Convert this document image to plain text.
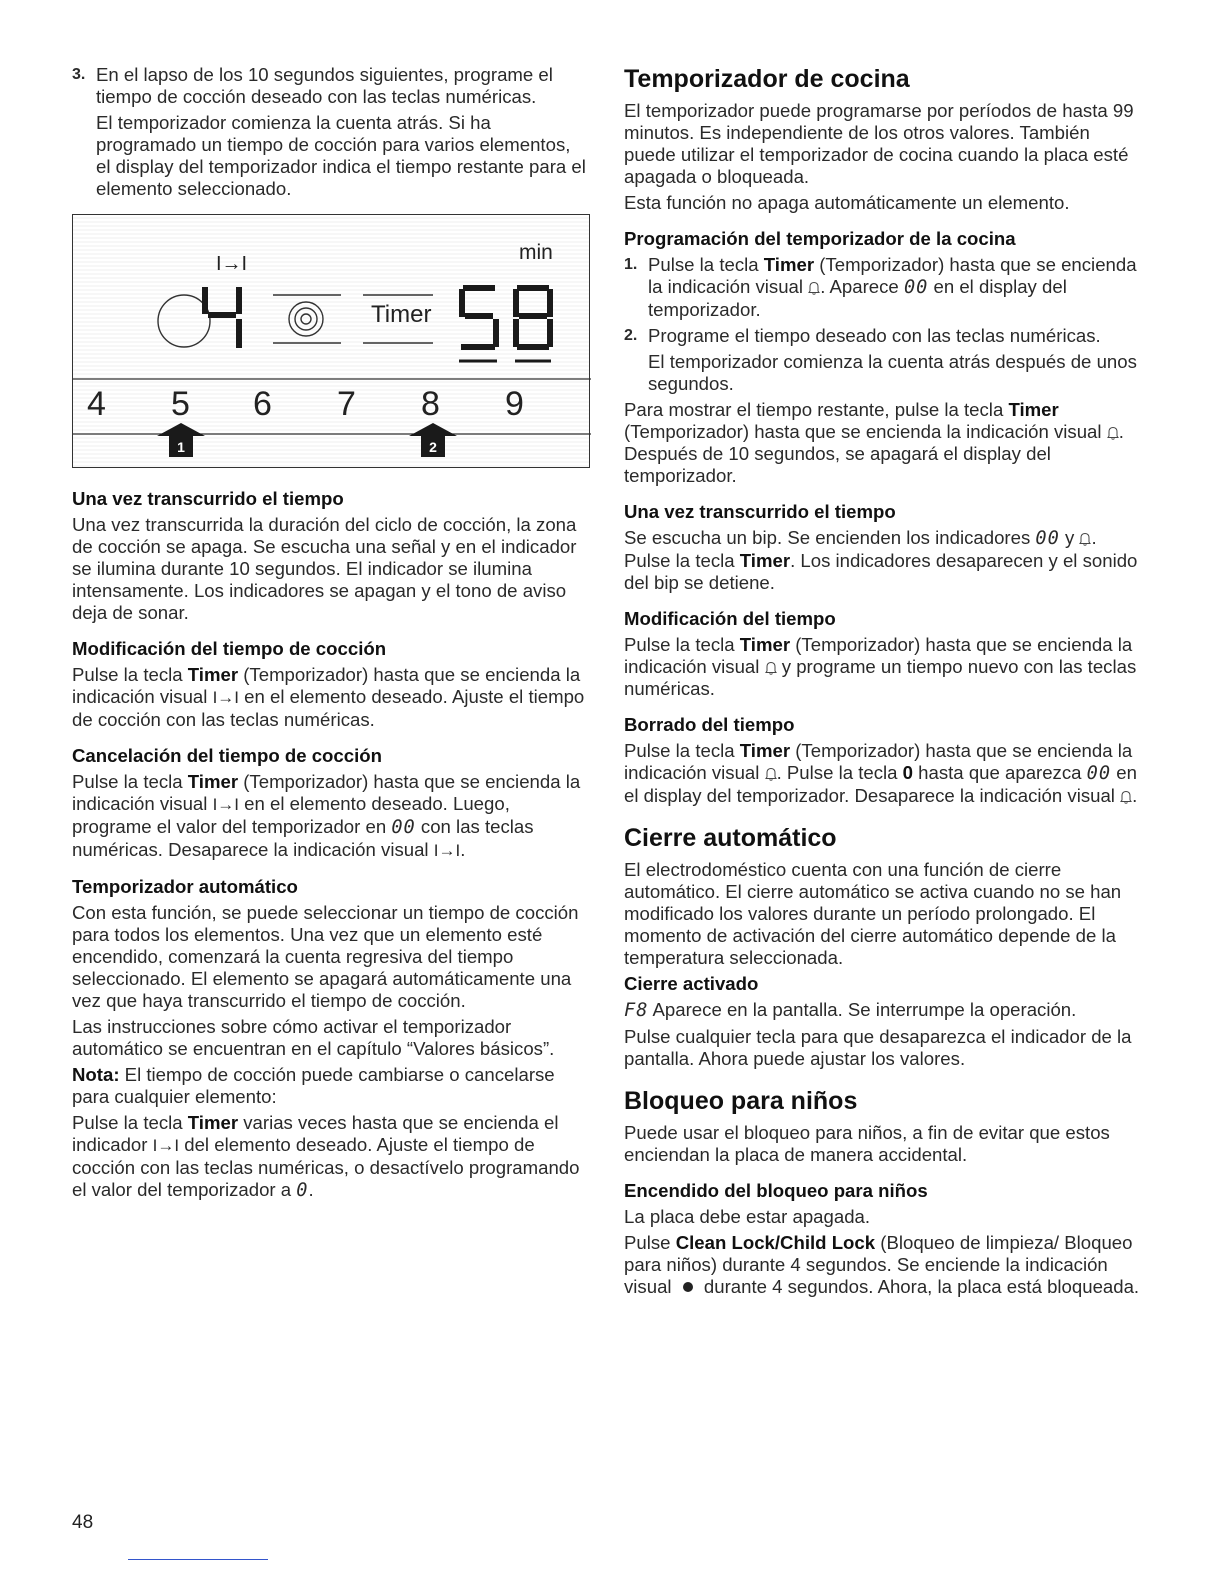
3. En el lapso de los 10 segundos siguientes, programe el tiempo de cocción deseado con las teclas numéricas.

El temporizador comienza la cuenta atrás. Si ha programado un tiempo de cocción para varios elementos, el display del temporizador indica el tiempo restante para el elemento seleccionado.

I→I	min
Timer
4 5 6 7 8 9
1	2
Una vez transcurrido el tiempo

Una vez transcurrida la duración del ciclo de cocción, la zona de cocción se apaga. Se escucha una señal y en el indicador se ilumina durante 10 segundos. El indicador se ilumina intensamente. Los indicadores se apagan y el tono de aviso deja de sonar.

Modificación del tiempo de cocción

Pulse la tecla Timer (Temporizador) hasta que se encienda la indicación visual I→I en el elemento deseado. Ajuste el tiempo de cocción con las teclas numéricas.

Cancelación del tiempo de cocción

Pulse la tecla Timer (Temporizador) hasta que se encienda la indicación visual I→I en el elemento deseado. Luego, programe el valor del temporizador en 00 con las teclas numéricas. Desaparece la indicación visual I→I.

Temporizador automático

Con esta función, se puede seleccionar un tiempo de cocción para todos los elementos. Una vez que un elemento esté encendido, comenzará la cuenta regresiva del tiempo seleccionado. El elemento se apagará automáticamente una vez que haya transcurrido el tiempo de cocción.

Las instrucciones sobre cómo activar el temporizador automático se encuentran en el capítulo “Valores básicos”.

Nota: El tiempo de cocción puede cambiarse o cancelarse para cualquier elemento:

Pulse la tecla Timer varias veces hasta que se encienda el indicador I→I del elemento deseado. Ajuste el tiempo de cocción con las teclas numéricas, o desactívelo programando el valor del temporizador a 0.

Temporizador de cocina

El temporizador puede programarse por períodos de hasta 99 minutos. Es independiente de los otros valores. También puede utilizar el temporizador de cocina cuando la placa esté apagada o bloqueada.

Esta función no apaga automáticamente un elemento.

Programación del temporizador de la cocina
1. Pulse la tecla Timer (Temporizador) hasta que se encienda la indicación visual . Aparece 00 en el display del temporizador.
2. Programe el tiempo deseado con las teclas numéricas.

El temporizador comienza la cuenta atrás después de unos segundos.

Para mostrar el tiempo restante, pulse la tecla Timer (Temporizador) hasta que se encienda la indicación visual . Después de 10 segundos, se apagará el display del temporizador.

Una vez transcurrido el tiempo

Se escucha un bip. Se encienden los indicadores 00 y . Pulse la tecla Timer. Los indicadores desaparecen y el sonido del bip se detiene.

Modificación del tiempo

Pulse la tecla Timer (Temporizador) hasta que se encienda la indicación visual  y programe un tiempo nuevo con las teclas numéricas.

Borrado del tiempo

Pulse la tecla Timer (Temporizador) hasta que se encienda la indicación visual . Pulse la tecla 0 hasta que aparezca 00 en el display del temporizador. Desaparece la indicación visual .

Cierre automático

El electrodoméstico cuenta con una función de cierre automático. El cierre automático se activa cuando no se han modificado los valores durante un período prolongado. El momento de activación del cierre automático depende de la temperatura seleccionada.

Cierre activado

F8 Aparece en la pantalla. Se interrumpe la operación.

Pulse cualquier tecla para que desaparezca el indicador de la pantalla. Ahora puede ajustar los valores.

Bloqueo para niños

Puede usar el bloqueo para niños, a fin de evitar que estos enciendan la placa de manera accidental.

Encendido del bloqueo para niños

La placa debe estar apagada.

Pulse Clean Lock/Child Lock (Bloqueo de limpieza/ Bloqueo para niños) durante 4 segundos. Se enciende la indicación visual  durante 4 segundos. Ahora, la placa está bloqueada.

48
